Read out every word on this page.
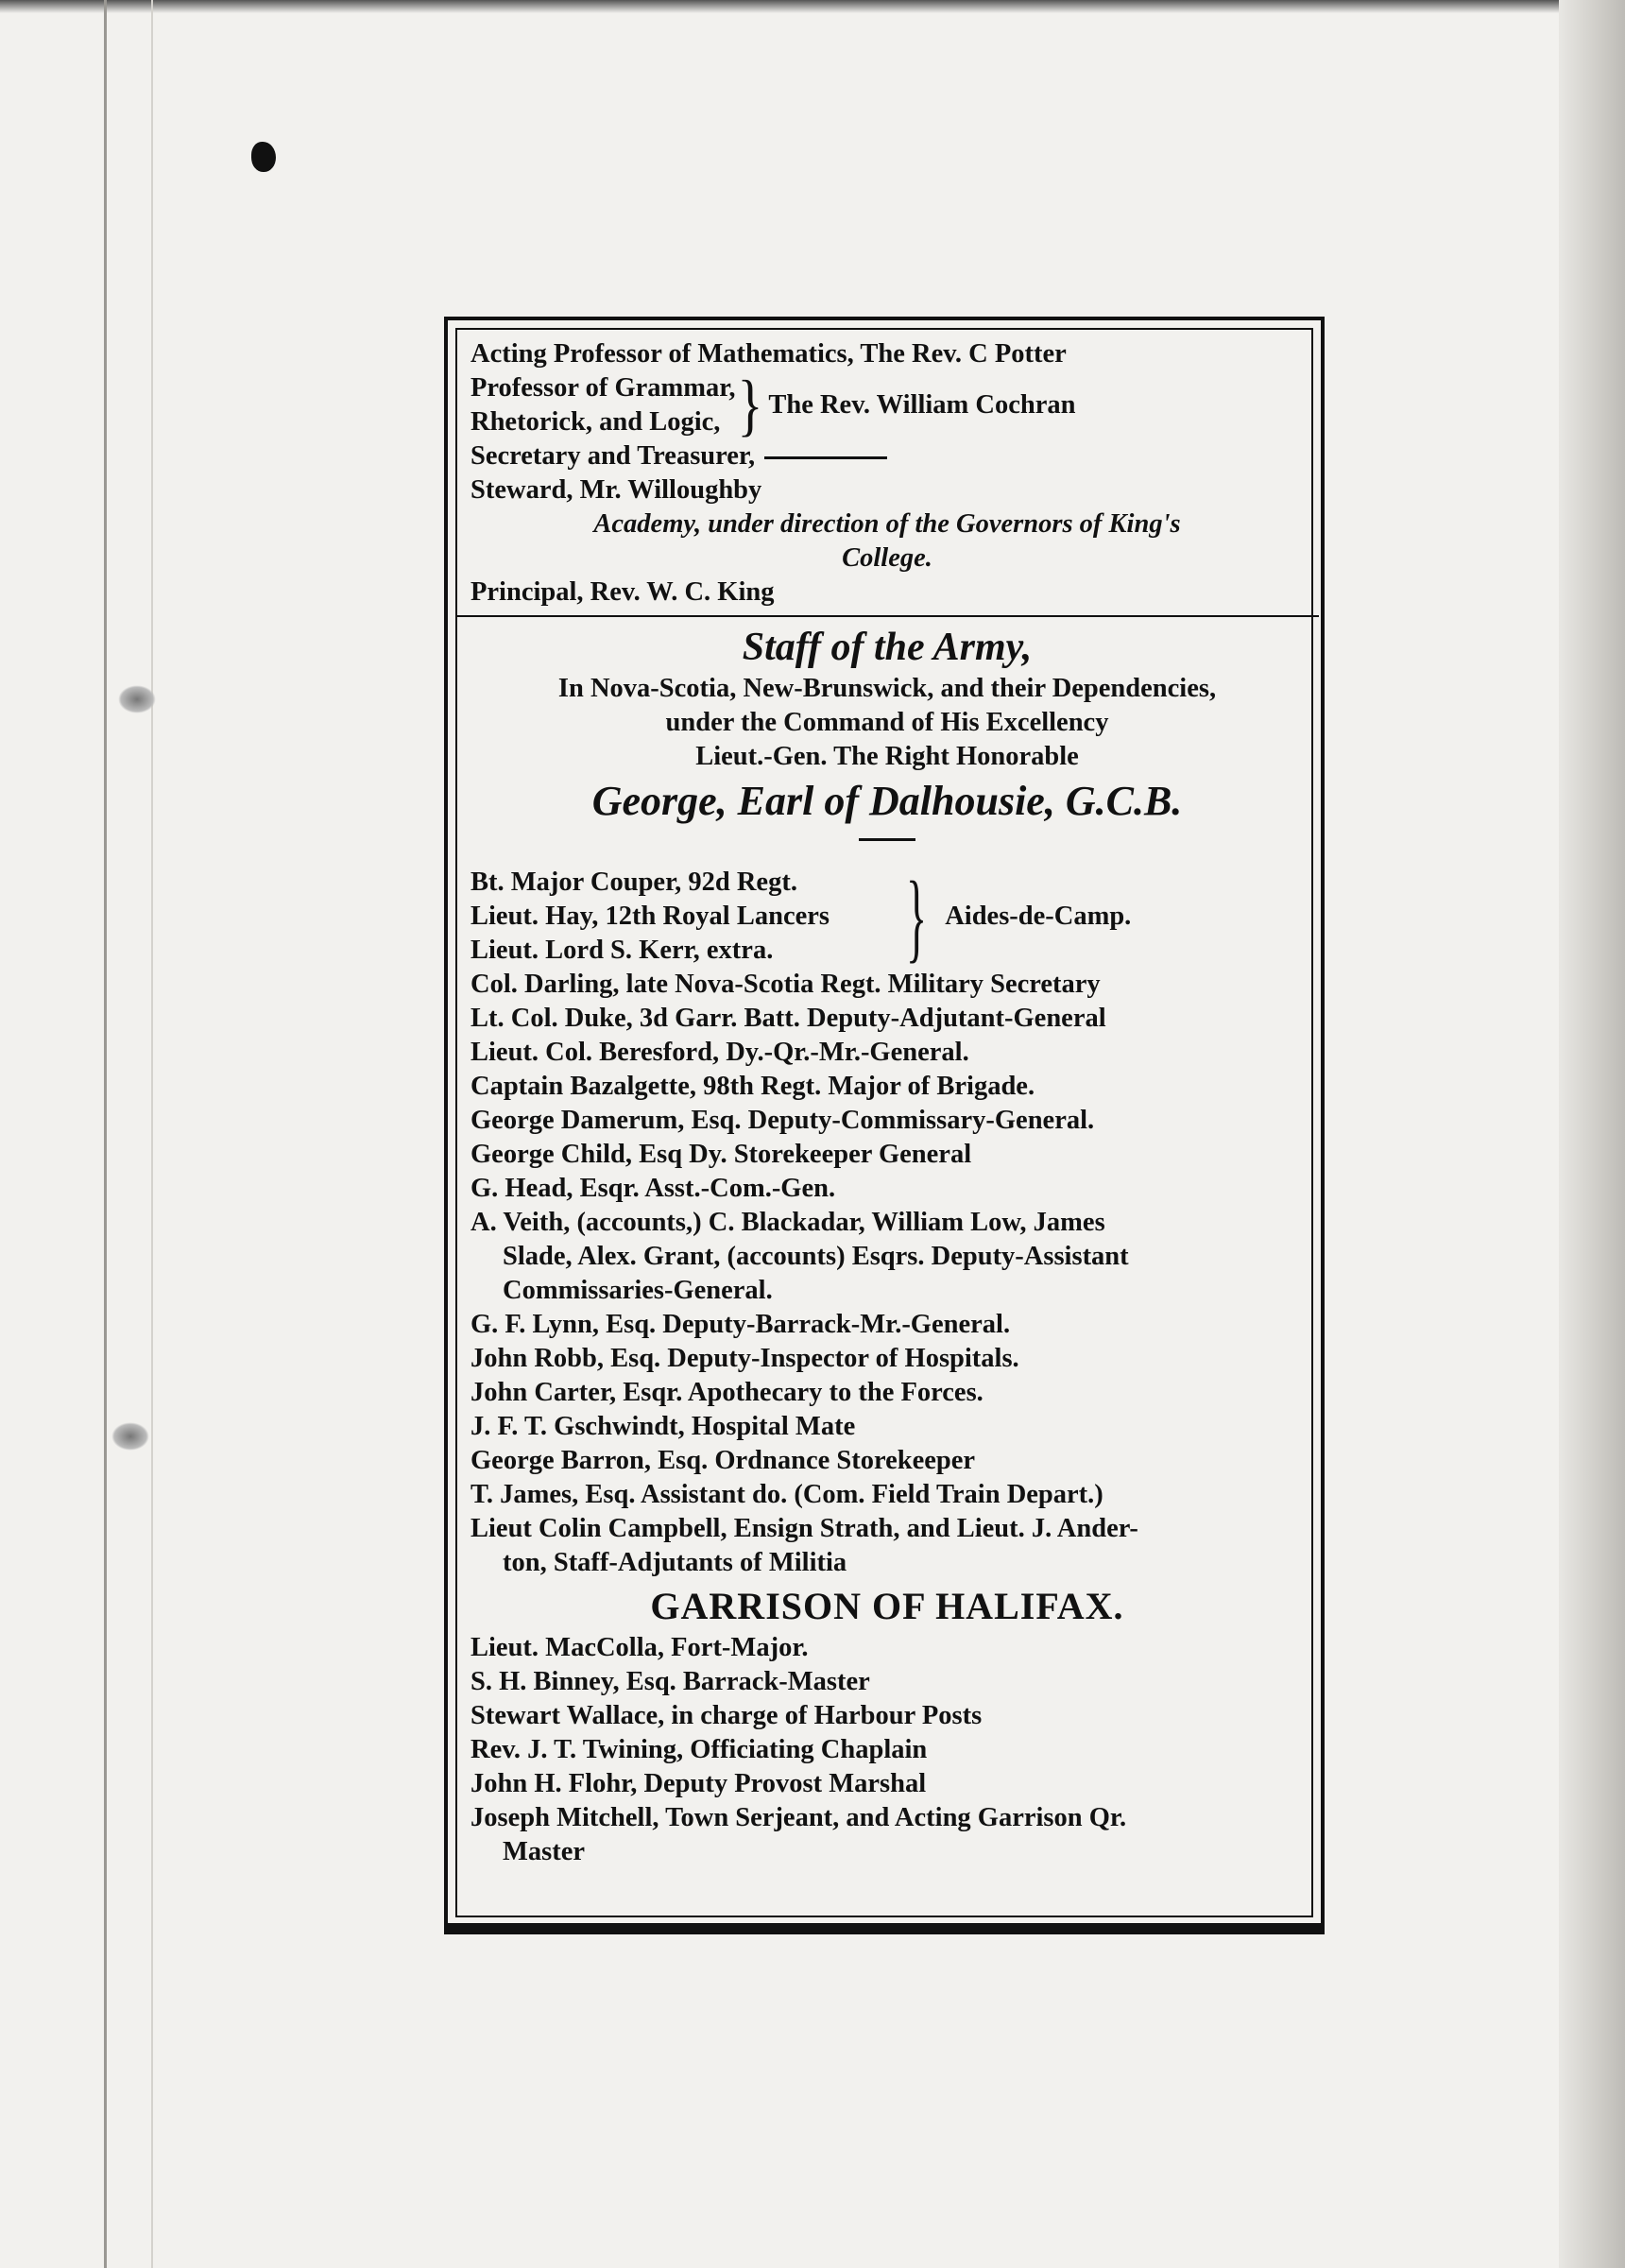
Acting Professor of Mathematics, The Rev. C Potter
Professor of Grammar,
Rhetorick, and Logic, } The Rev. William Cochran
Secretary and Treasurer,
Steward, Mr. Willoughby
Academy, under direction of the Governors of King's
College.
Principal, Rev. W. C. King
Staff of the Army,
In Nova-Scotia, New-Brunswick, and their Dependencies,
under the Command of His Excellency
Lieut.-Gen. The Right Honorable
George, Earl of Dalhousie, G.C.B.
Bt. Major Couper, 92d Regt.
Lieut. Hay, 12th Royal Lancers
Lieut. Lord S. Kerr, extra.	} Aides-de-Camp.
Col. Darling, late Nova-Scotia Regt. Military Secretary
Lt. Col. Duke, 3d Garr. Batt. Deputy-Adjutant-General
Lieut. Col. Beresford, Dy.-Qr.-Mr.-General.
Captain Bazalgette, 98th Regt. Major of Brigade.
George Damerum, Esq. Deputy-Commissary-General.
George Child, Esq Dy. Storekeeper General
G. Head, Esqr. Asst.-Com.-Gen.
A. Veith, (accounts,) C. Blackadar, William Low, James
Slade, Alex. Grant, (accounts) Esqrs. Deputy-Assistant
Commissaries-General.
G. F. Lynn, Esq. Deputy-Barrack-Mr.-General.
John Robb, Esq. Deputy-Inspector of Hospitals.
John Carter, Esqr. Apothecary to the Forces.
J. F. T. Gschwindt, Hospital Mate
George Barron, Esq. Ordnance Storekeeper
T. James, Esq. Assistant do. (Com. Field Train Depart.)
Lieut Colin Campbell, Ensign Strath, and Lieut. J. Ander-
ton, Staff-Adjutants of Militia
GARRISON OF HALIFAX.
Lieut. MacColla, Fort-Major.
S. H. Binney, Esq. Barrack-Master
Stewart Wallace, in charge of Harbour Posts
Rev. J. T. Twining, Officiating Chaplain
John H. Flohr, Deputy Provost Marshal
Joseph Mitchell, Town Serjeant, and Acting Garrison Qr.
Master
